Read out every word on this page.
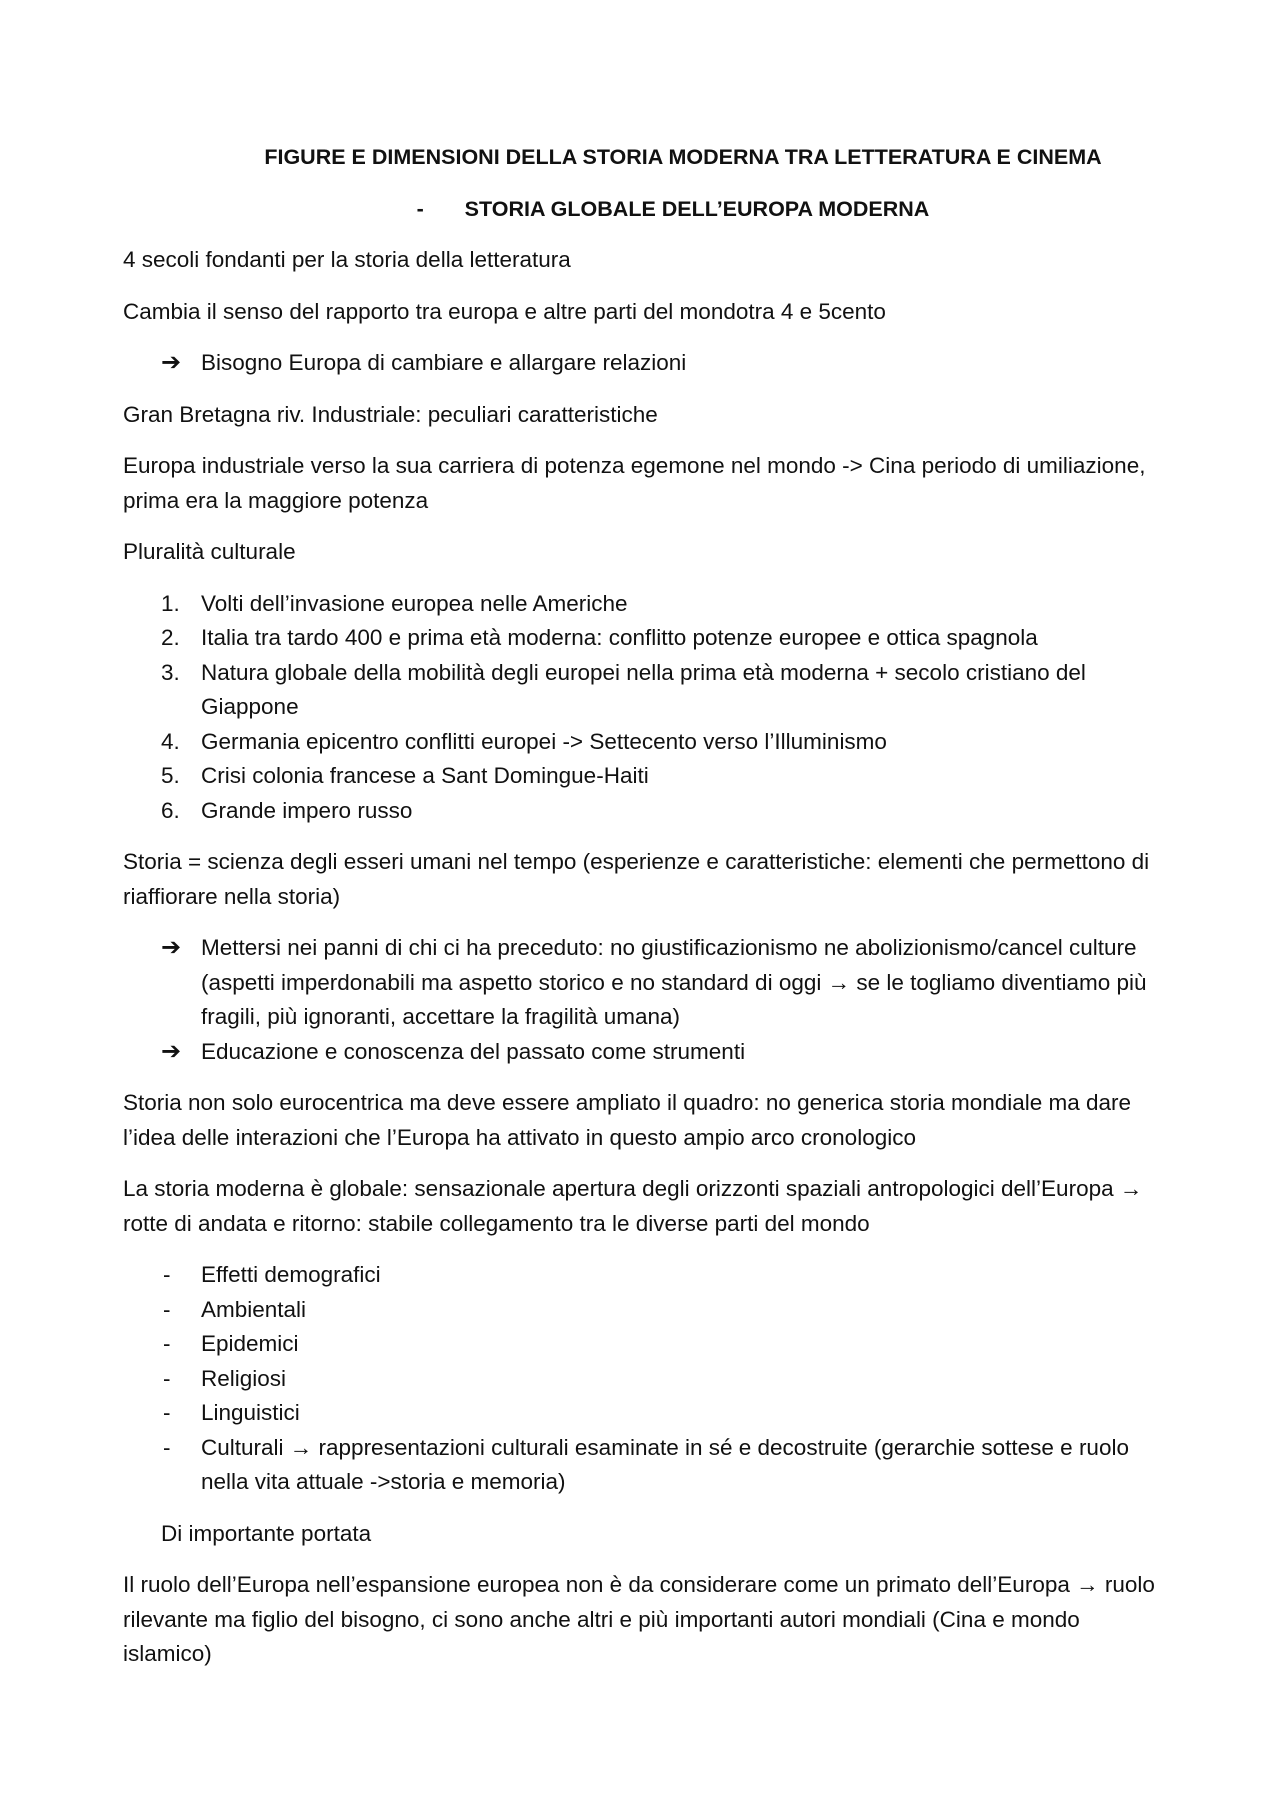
FIGURE E DIMENSIONI DELLA STORIA MODERNA TRA LETTERATURA E CINEMA
- STORIA GLOBALE DELL’EUROPA MODERNA

4 secoli fondanti per la storia della letteratura

Cambia il senso del rapporto tra europa e altre parti del mondotra 4 e 5cento

➔ Bisogno Europa di cambiare e allargare relazioni

Gran Bretagna riv. Industriale: peculiari caratteristiche

Europa industriale verso la sua carriera di potenza egemone nel mondo -> Cina periodo di umiliazione, prima era la maggiore potenza

Pluralità culturale

1. Volti dell’invasione europea nelle Americhe
2. Italia tra tardo 400 e prima età moderna: conflitto potenze europee e ottica spagnola
3. Natura globale della mobilità degli europei nella prima età moderna + secolo cristiano del Giappone
4. Germania epicentro conflitti europei -> Settecento verso l’Illuminismo
5. Crisi colonia francese a Sant Domingue-Haiti
6. Grande impero russo

Storia = scienza degli esseri umani nel tempo (esperienze e caratteristiche: elementi che permettono di riaffiorare nella storia)

➔ Mettersi nei panni di chi ci ha preceduto: no giustificazionismo ne abolizionismo/cancel culture (aspetti imperdonabili ma aspetto storico e no standard di oggi → se le togliamo diventiamo più fragili, più ignoranti, accettare la fragilità umana)
➔ Educazione e conoscenza del passato come strumenti

Storia non solo eurocentrica ma deve essere ampliato il quadro: no generica storia mondiale ma dare l’idea delle interazioni che l’Europa ha attivato in questo ampio arco cronologico

La storia moderna è globale: sensazionale apertura degli orizzonti spaziali antropologici dell’Europa → rotte di andata e ritorno: stabile collegamento tra le diverse parti del mondo

- Effetti demografici
- Ambientali
- Epidemici
- Religiosi
- Linguistici
- Culturali → rappresentazioni culturali esaminate in sé e decostruite (gerarchie sottese e ruolo nella vita attuale ->storia e memoria)

Di importante portata

Il ruolo dell’Europa nell’espansione europea non è da considerare come un primato dell’Europa → ruolo rilevante ma figlio del bisogno, ci sono anche altri e più importanti autori mondiali (Cina e mondo islamico)
